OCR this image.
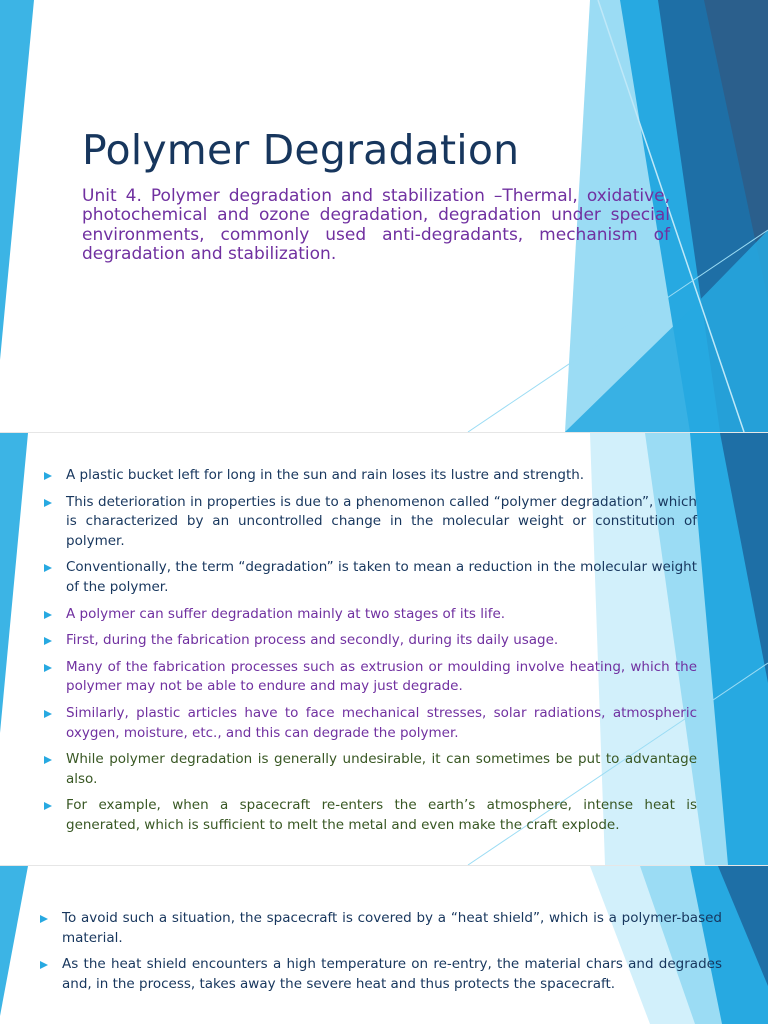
Polymer Degradation

Unit 4. Polymer degradation and stabilization –Thermal, oxidative, photochemical and ozone degradation, degradation under special environments, commonly used anti-degradants, mechanism of degradation and stabilization.

A plastic bucket left for long in the sun and rain loses its lustre and strength.
This deterioration in properties is due to a phenomenon called “polymer degradation”, which is characterized by an uncontrolled change in the molecular weight or constitution of polymer.
Conventionally, the term “degradation” is taken to mean a reduction in the molecular weight of the polymer.
A polymer can suffer degradation mainly at two stages of its life.
First, during the fabrication process and secondly, during its daily usage.
Many of the fabrication processes such as extrusion or moulding involve heating, which the polymer may not be able to endure and may just degrade.
Similarly, plastic articles have to face mechanical stresses, solar radiations, atmospheric oxygen, moisture, etc., and this can degrade the polymer.
While polymer degradation is generally undesirable, it can sometimes be put to advantage also.
For example, when a spacecraft re-enters the earth’s atmosphere, intense heat is generated, which is sufficient to melt the metal and even make the craft explode.
To avoid such a situation, the spacecraft is covered by a “heat shield”, which is a polymer-based material.
As the heat shield encounters a high temperature on re-entry, the material chars and degrades and, in the process, takes away the severe heat and thus protects the spacecraft.
